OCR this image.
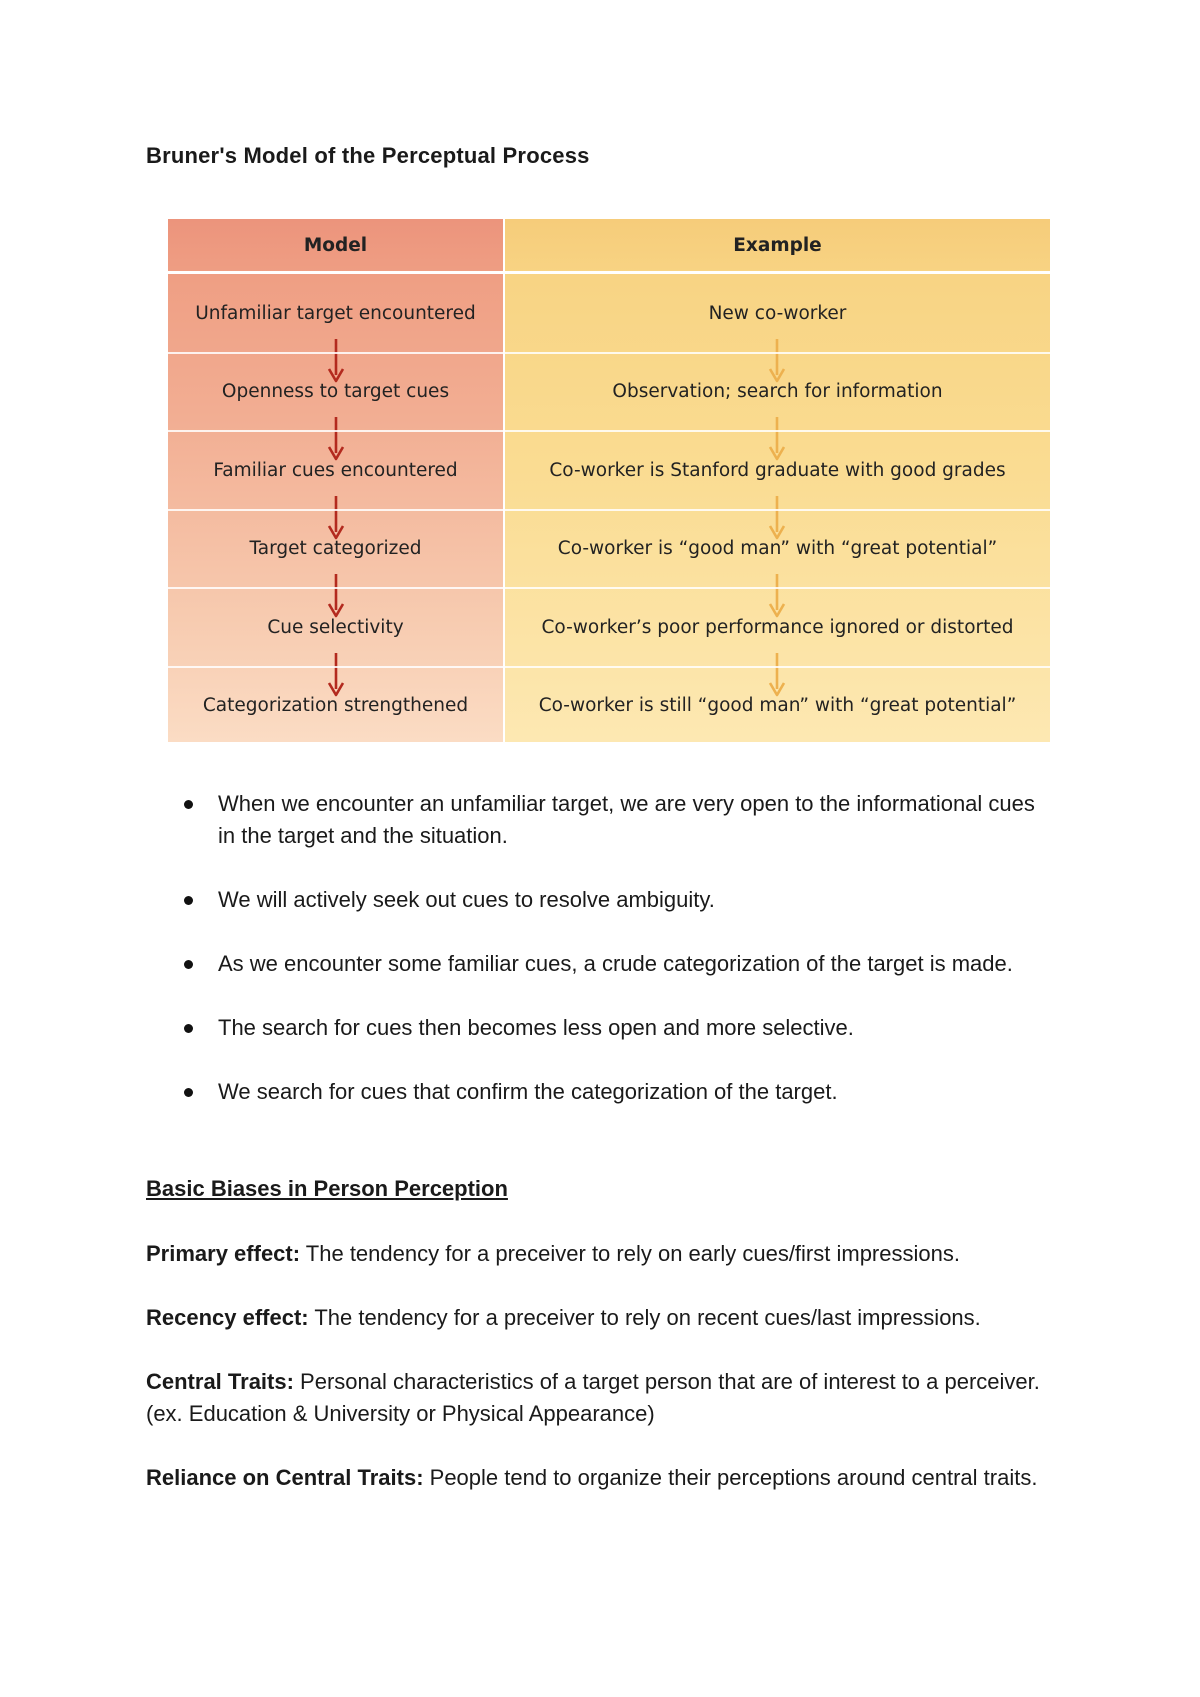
Bruner's Model of the Perceptual Process
Model	Example
Unfamiliar target encountered	New co-worker
Openness to target cues	Observation; search for information
Familiar cues encountered	Co-worker is Stanford graduate with good grades
Target categorized	Co-worker is “good man” with “great potential”
Cue selectivity	Co-worker’s poor performance ignored or distorted
Categorization strengthened	Co-worker is still “good man” with “great potential”
When we encounter an unfamiliar target, we are very open to the informational cues in the target and the situation.
We will actively seek out cues to resolve ambiguity.
As we encounter some familiar cues, a crude categorization of the target is made.
The search for cues then becomes less open and more selective.
We search for cues that confirm the categorization of the target.
Basic Biases in Person Perception

Primary effect: The tendency for a preceiver to rely on early cues/first impressions.

Recency effect: The tendency for a preceiver to rely on recent cues/last impressions.

Central Traits: Personal characteristics of a target person that are of interest to a perceiver. (ex. Education & University or Physical Appearance)

Reliance on Central Traits: People tend to organize their perceptions around central traits.
